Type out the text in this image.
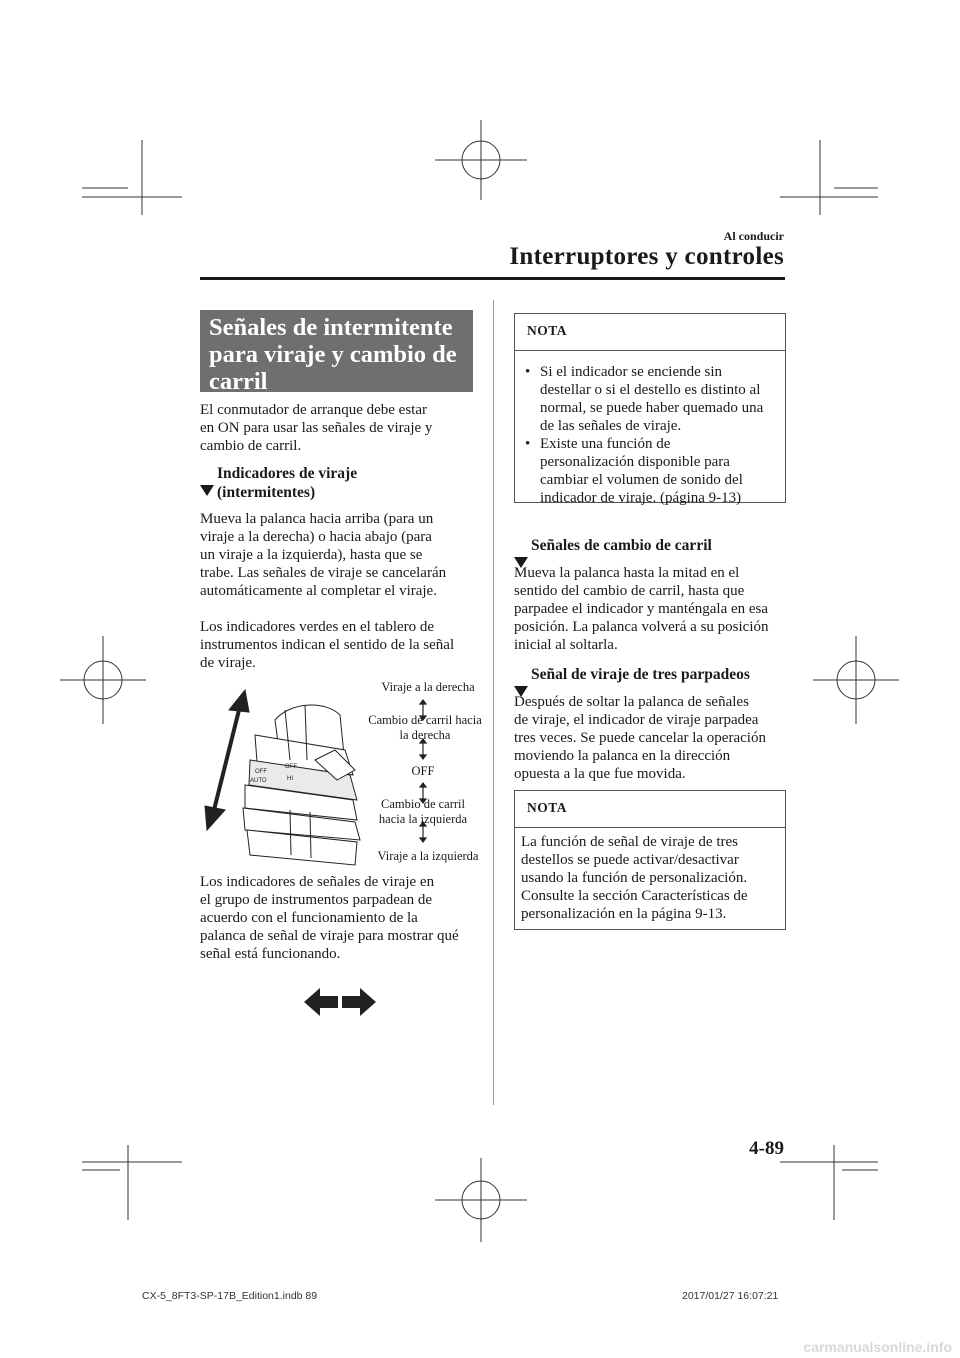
Al conducir
Interruptores y controles
Señales de intermitente para viraje y cambio de carril
El conmutador de arranque debe estar
en ON para usar las señales de viraje y
cambio de carril.

Indicadores de viraje
(intermitentes)

Mueva la palanca hacia arriba (para un
viraje a la derecha) o hacia abajo (para
un viraje a la izquierda), hasta que se
trabe. Las señales de viraje se cancelarán
automáticamente al completar el viraje.
Los indicadores verdes en el tablero de
instrumentos indican el sentido de la señal
de viraje.
OFF
AUTO
OFF
HI
Viraje a la derecha
Cambio de carril hacia
la derecha
OFF
Cambio de carril
hacia la izquierda
Viraje a la izquierda
Los indicadores de señales de viraje en
el grupo de instrumentos parpadean de
acuerdo con el funcionamiento de la
palanca de señal de viraje para mostrar qué
señal está funcionando.
NOTA
• Si el indicador se enciende sin
destellar o si el destello es distinto al
normal, se puede haber quemado una
de las señales de viraje.
• Existe una función de
personalización disponible para
cambiar el volumen de sonido del
indicador de viraje. (página 9-13)

Señales de cambio de carril

Mueva la palanca hasta la mitad en el
sentido del cambio de carril, hasta que
parpadee el indicador y manténgala en esa
posición. La palanca volverá a su posición
inicial al soltarla.

Señal de viraje de tres parpadeos

Después de soltar la palanca de señales
de viraje, el indicador de viraje parpadea
tres veces. Se puede cancelar la operación
moviendo la palanca en la dirección
opuesta a la que fue movida.
NOTA
La función de señal de viraje de tres
destellos se puede activar/desactivar
usando la función de personalización.
Consulte la sección Características de
personalización en la página 9-13.
4-89
CX-5_8FT3-SP-17B_Edition1.indb 89	2017/01/27 16:07:21
carmanualsonline.info
